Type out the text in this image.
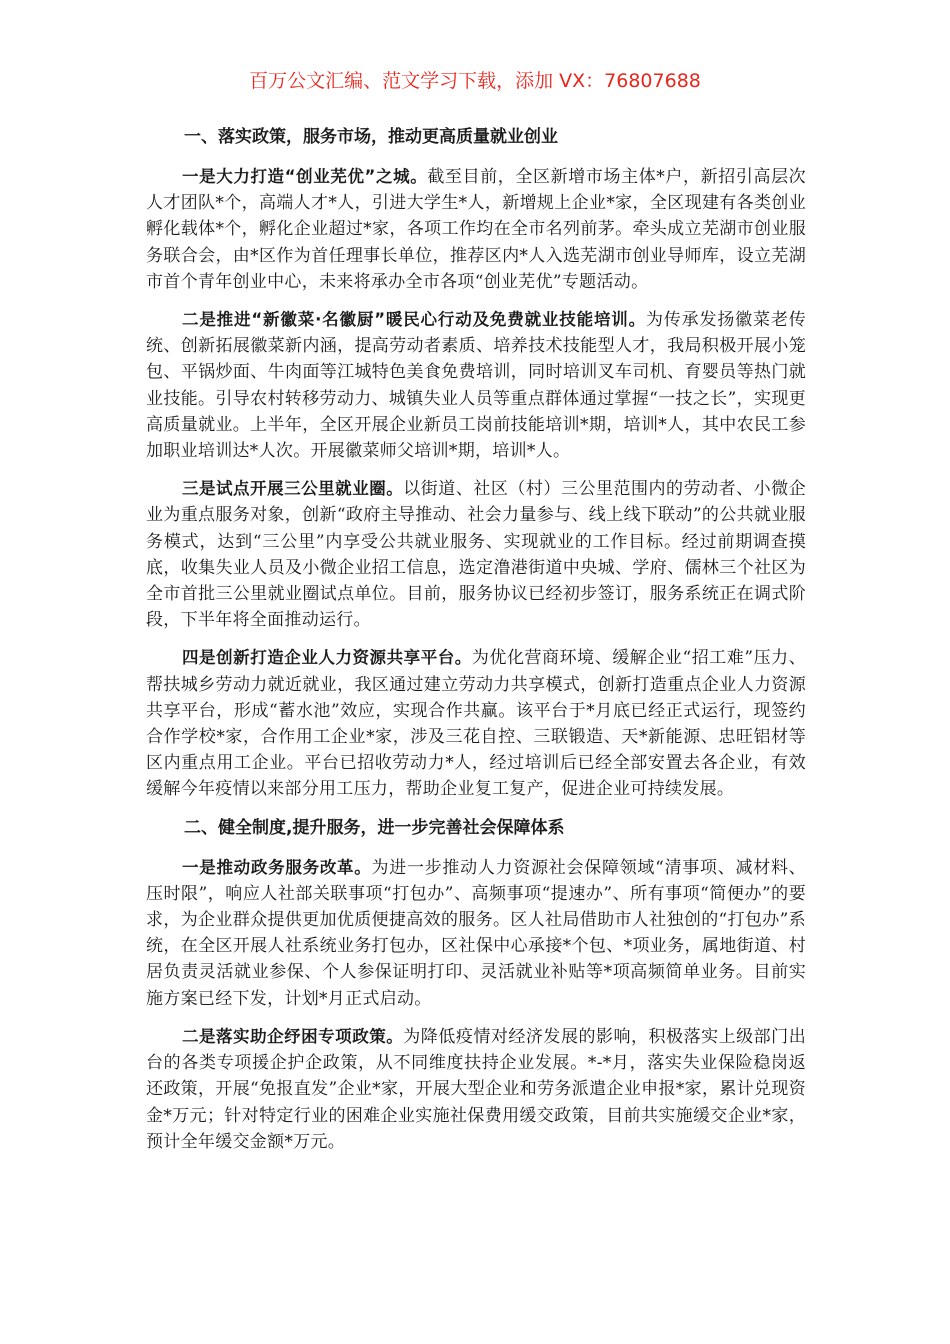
百万公文汇编、范文学习下载，添加 VX：76807688
一、落实政策，服务市场，推动更高质量就业创业

一是大力打造“创业芜优”之城。截至目前，全区新增市场主体*户，新招引高层次人才团队*个，高端人才*人，引进大学生*人，新增规上企业*家，全区现建有各类创业孵化载体*个，孵化企业超过*家，各项工作均在全市名列前茅。牵头成立芜湖市创业服务联合会，由*区作为首任理事长单位，推荐区内*人入选芜湖市创业导师库，设立芜湖市首个青年创业中心，未来将承办全市各项“创业芜优”专题活动。

二是推进“新徽菜·名徽厨”暖民心行动及免费就业技能培训。为传承发扬徽菜老传统、创新拓展徽菜新内涵，提高劳动者素质、培养技术技能型人才，我局积极开展小笼包、平锅炒面、牛肉面等江城特色美食免费培训，同时培训叉车司机、育婴员等热门就业技能。引导农村转移劳动力、城镇失业人员等重点群体通过掌握“一技之长”，实现更高质量就业。上半年，全区开展企业新员工岗前技能培训*期，培训*人，其中农民工参加职业培训达*人次。开展徽菜师父培训*期，培训*人。

三是试点开展三公里就业圈。以街道、社区（村）三公里范围内的劳动者、小微企业为重点服务对象，创新“政府主导推动、社会力量参与、线上线下联动”的公共就业服务模式，达到“三公里”内享受公共就业服务、实现就业的工作目标。经过前期调查摸底，收集失业人员及小微企业招工信息，选定澛港街道中央城、学府、儒林三个社区为全市首批三公里就业圈试点单位。目前，服务协议已经初步签订，服务系统正在调式阶段，下半年将全面推动运行。

四是创新打造企业人力资源共享平台。为优化营商环境、缓解企业“招工难”压力、帮扶城乡劳动力就近就业，我区通过建立劳动力共享模式，创新打造重点企业人力资源共享平台，形成“蓄水池”效应，实现合作共赢。该平台于*月底已经正式运行，现签约合作学校*家，合作用工企业*家，涉及三花自控、三联锻造、天*新能源、忠旺铝材等区内重点用工企业。平台已招收劳动力*人，经过培训后已经全部安置去各企业，有效缓解今年疫情以来部分用工压力，帮助企业复工复产，促进企业可持续发展。

二、健全制度,提升服务，进一步完善社会保障体系

一是推动政务服务改革。为进一步推动人力资源社会保障领域“清事项、减材料、压时限”，响应人社部关联事项“打包办”、高频事项“提速办”、所有事项“简便办”的要求，为企业群众提供更加优质便捷高效的服务。区人社局借助市人社独创的“打包办”系统，在全区开展人社系统业务打包办，区社保中心承接*个包、*项业务，属地街道、村居负责灵活就业参保、个人参保证明打印、灵活就业补贴等*项高频简单业务。目前实施方案已经下发，计划*月正式启动。

二是落实助企纾困专项政策。为降低疫情对经济发展的影响，积极落实上级部门出台的各类专项援企护企政策，从不同维度扶持企业发展。*-*月，落实失业保险稳岗返还政策，开展“免报直发”企业*家，开展大型企业和劳务派遣企业申报*家，累计兑现资金*万元；针对特定行业的困难企业实施社保费用缓交政策，目前共实施缓交企业*家，预计全年缓交金额*万元。
